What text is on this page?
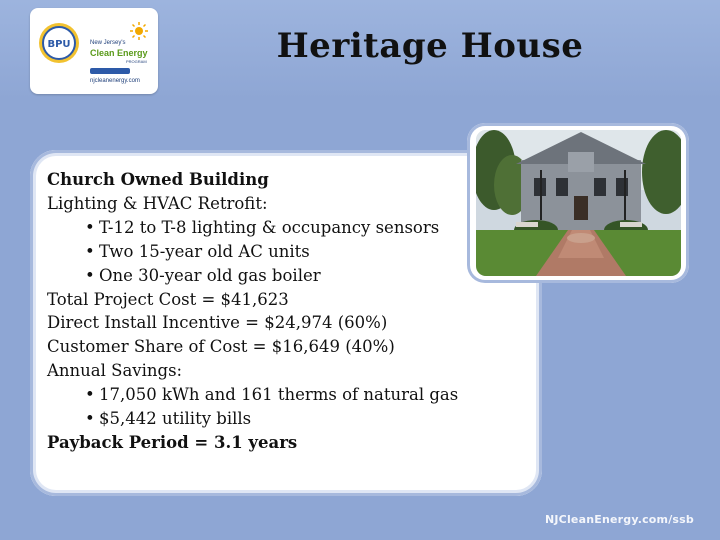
BPU	New Jersey's
Clean Energy
PROGRAM
njcleanenergy.com
Heritage House
Church Owned Building
Lighting & HVAC Retrofit:
• T-12 to T-8 lighting & occupancy sensors
• Two 15-year old AC units
• One 30-year old gas boiler
Total Project Cost = $41,623
Direct Install Incentive = $24,974 (60%)
Customer Share of Cost = $16,649 (40%)
Annual Savings:
• 17,050 kWh and 161 therms of natural gas
• $5,442 utility bills
Payback Period = 3.1 years
NJCleanEnergy.com/ssb
